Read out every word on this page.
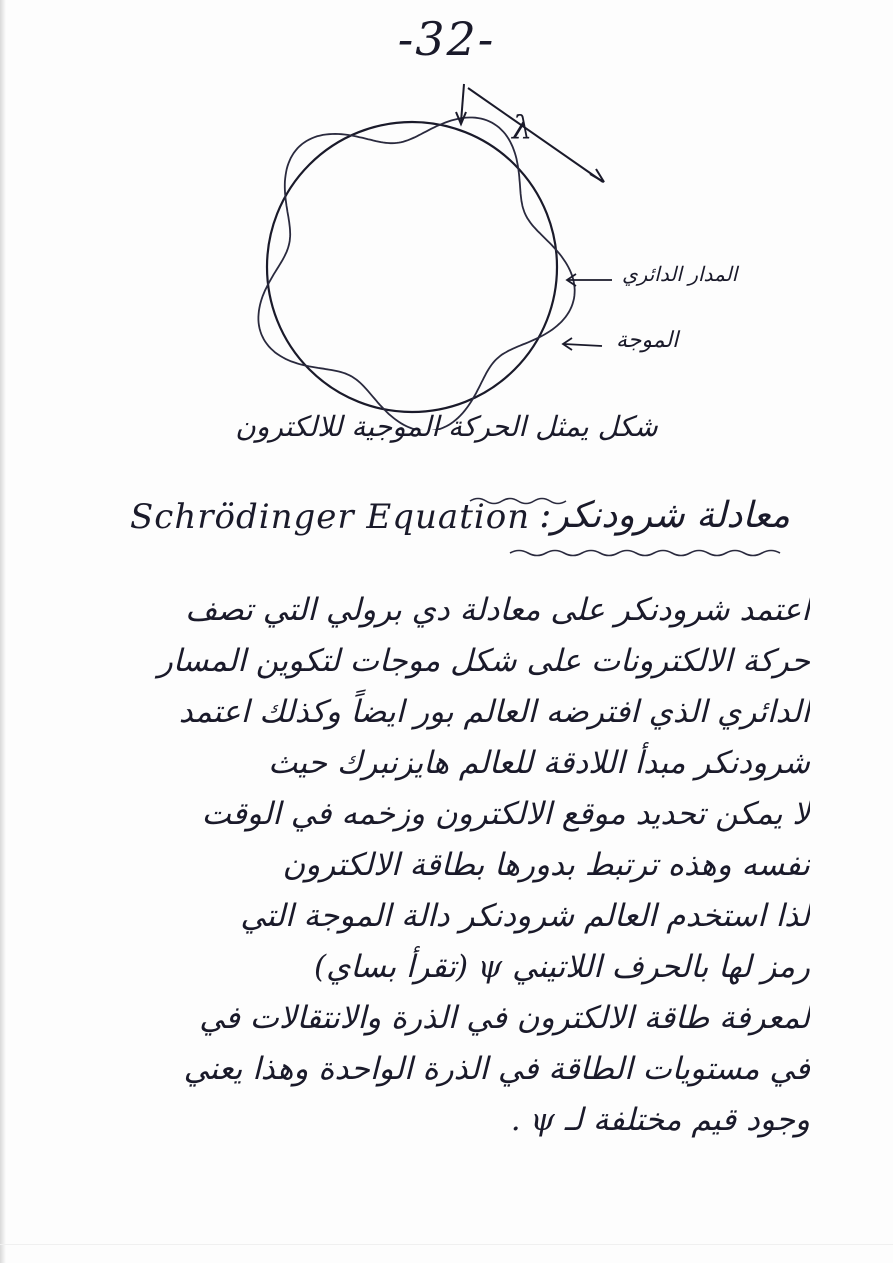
-32-
λ
المدار الدائري
الموجة
شكل يمثل الحركة الموجية للالكترون
Schrödinger Equation معادلة شرودنكر:
اعتمد شرودنكر على معادلة دي برولي التي تصف
حركة الالكترونات على شكل موجات لتكوين المسار
الدائري الذي افترضه العالم بور ايضاً وكذلك اعتمد
شرودنكر مبدأ اللادقة للعالم هايزنبرك حيث
لا يمكن تحديد موقع الالكترون وزخمه في الوقت
نفسه وهذه ترتبط بدورها بطاقة الالكترون
لذا استخدم العالم شرودنكر دالة الموجة التي
رمز لها بالحرف اللاتيني ψ (تقرأ بساي)
لمعرفة طاقة الالكترون في الذرة والانتقالات في
في مستويات الطاقة في الذرة الواحدة وهذا يعني
وجود قيم مختلفة لـ ψ .
